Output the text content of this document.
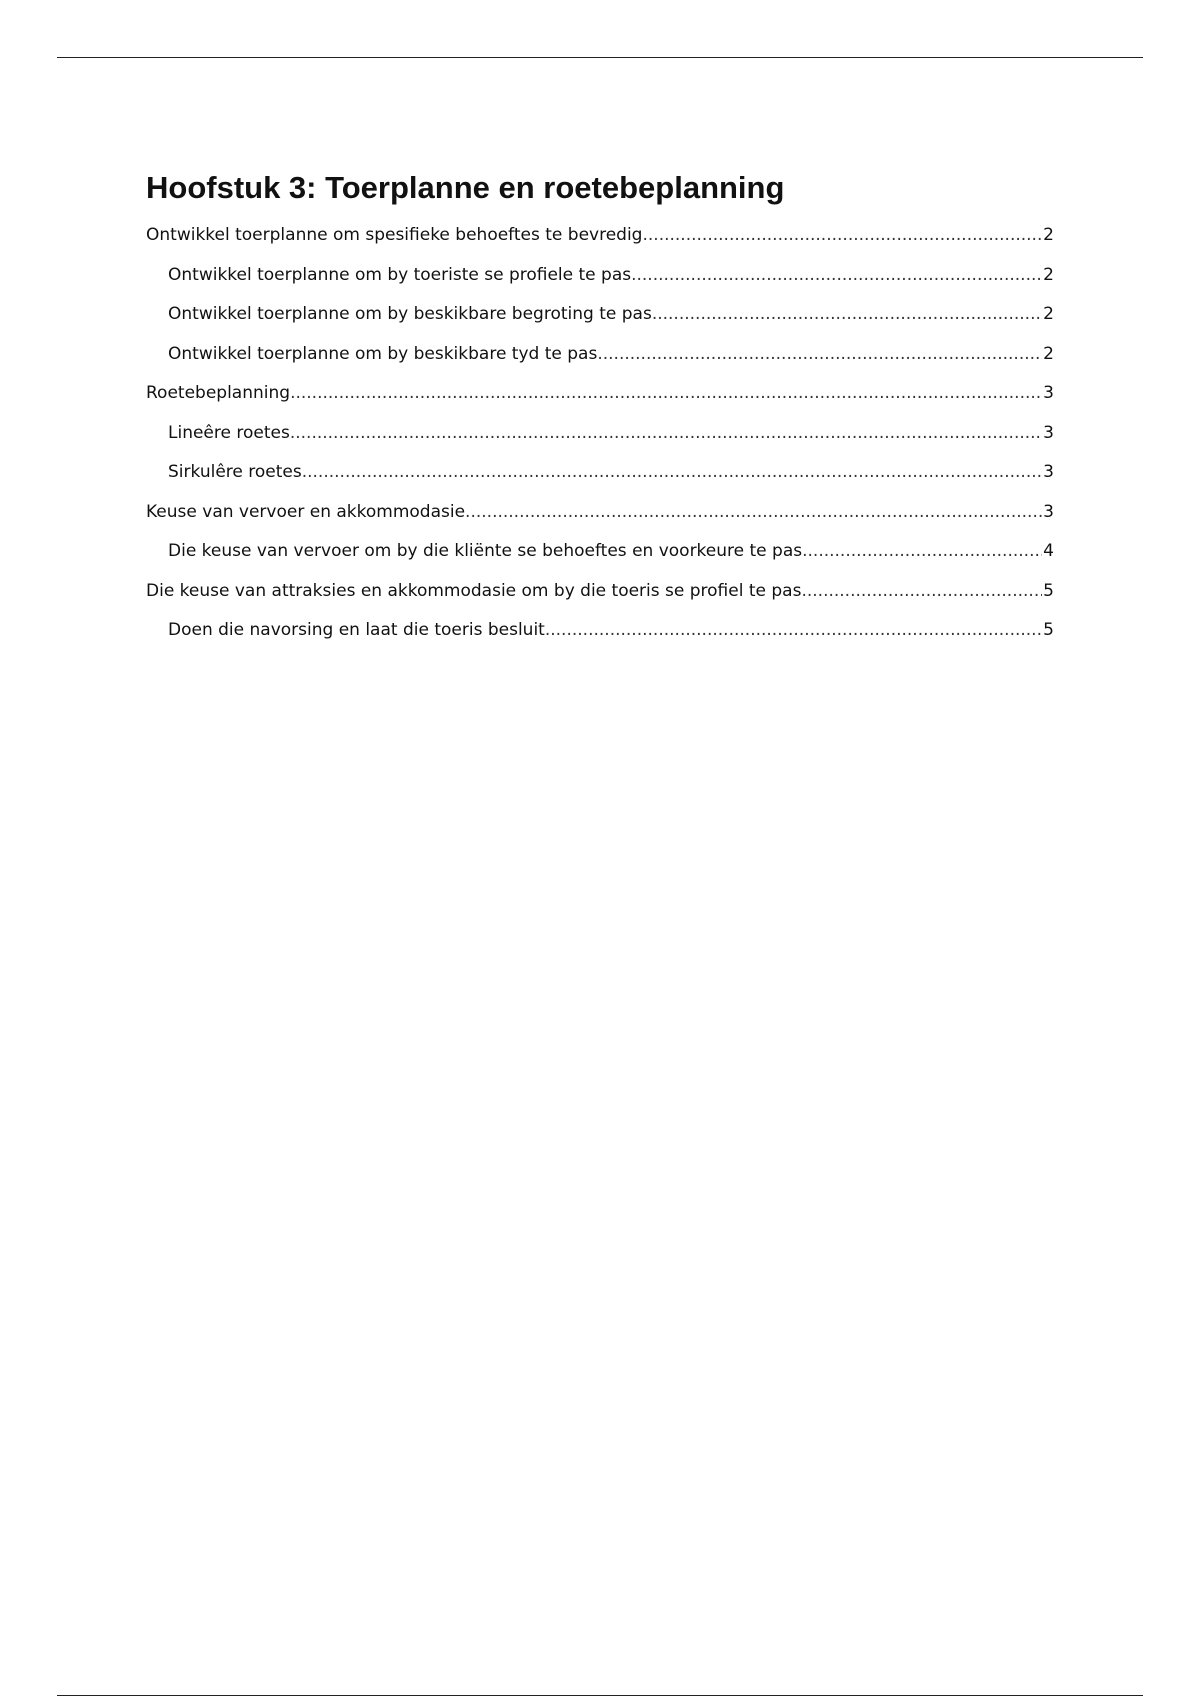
Hoofstuk 3: Toerplanne en roetebeplanning
Ontwikkel toerplanne om spesifieke behoeftes te bevredig .....	2
Ontwikkel toerplanne om by toeriste se profiele te pas .....	2
Ontwikkel toerplanne om by beskikbare begroting te pas .....	2
Ontwikkel toerplanne om by beskikbare tyd te pas .....	2
Roetebeplanning .....	3
Lineêre roetes .....	3
Sirkulêre roetes .....	3
Keuse van vervoer en akkommodasie .....	3
Die keuse van vervoer om by die kliënte se behoeftes en voorkeure te pas .....	4
Die keuse van attraksies en akkommodasie om by die toeris se profiel te pas .....	5
Doen die navorsing en laat die toeris besluit .....	5
